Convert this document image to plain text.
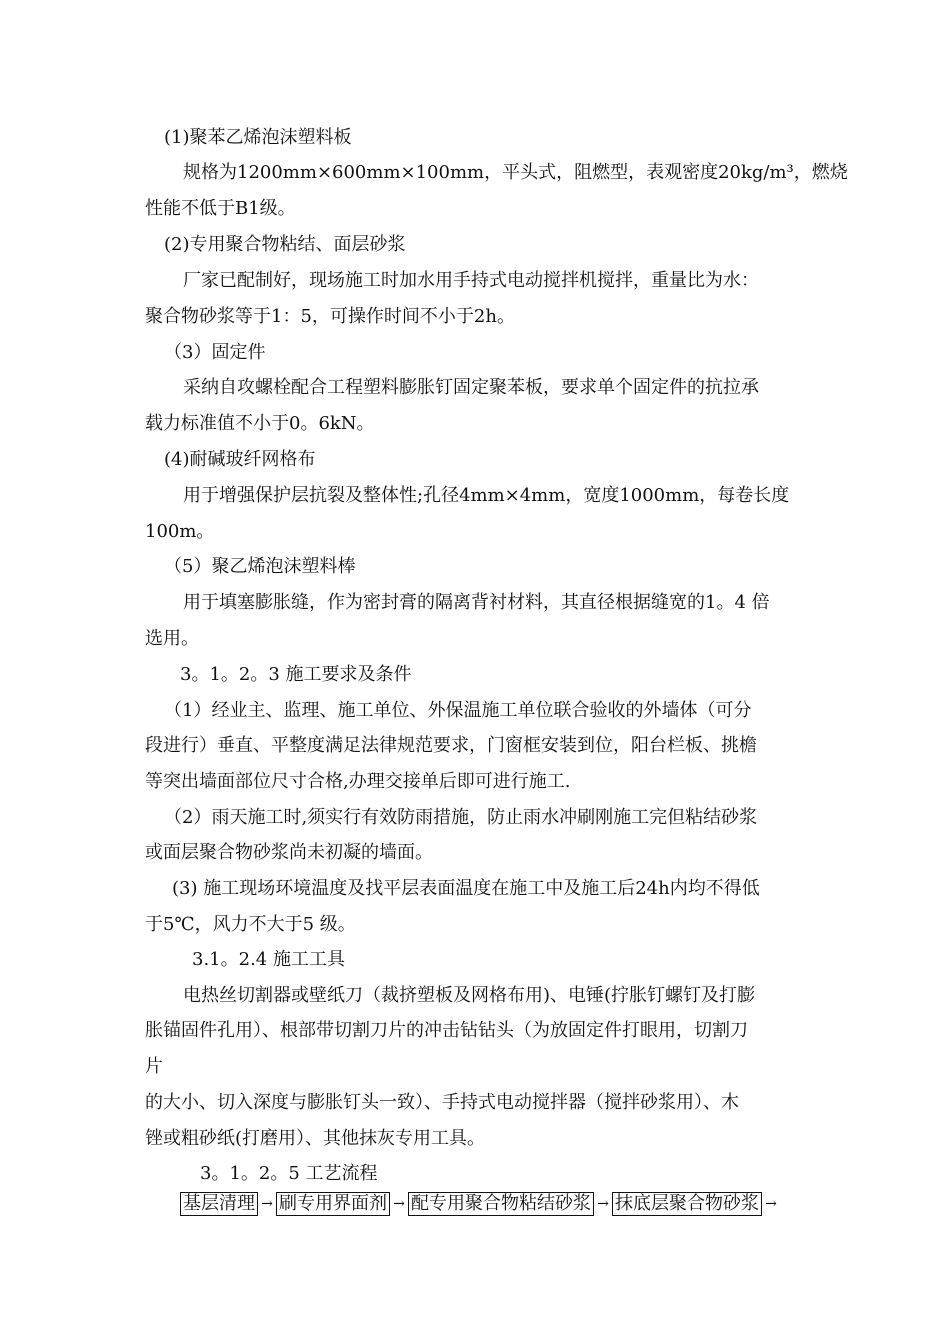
(1)聚苯乙烯泡沫塑料板
规格为1200mm×600mm×100mm，平头式，阻燃型，表观密度20kg/m³，燃烧
性能不低于B1级。
(2)专用聚合物粘结、面层砂浆
厂家已配制好，现场施工时加水用手持式电动搅拌机搅拌，重量比为水：
聚合物砂浆等于1：5，可操作时间不小于2h。
（3）固定件
采纳自攻螺栓配合工程塑料膨胀钉固定聚苯板，要求单个固定件的抗拉承
载力标准值不小于0。6kN。
(4)耐碱玻纤网格布
用于增强保护层抗裂及整体性;孔径4mm×4mm，宽度1000mm，每卷长度
100m。
（5）聚乙烯泡沫塑料棒
用于填塞膨胀缝，作为密封膏的隔离背衬材料，其直径根据缝宽的1。4 倍
选用。
3。1。2。3 施工要求及条件
（1）经业主、监理、施工单位、外保温施工单位联合验收的外墙体（可分
段进行）垂直、平整度满足法律规范要求，门窗框安装到位，阳台栏板、挑檐
等突出墙面部位尺寸合格,办理交接单后即可进行施工.
（2）雨天施工时,须实行有效防雨措施，防止雨水冲刷刚施工完但粘结砂浆
或面层聚合物砂浆尚未初凝的墙面。
(3) 施工现场环境温度及找平层表面温度在施工中及施工后24h内均不得低
于5℃，风力不大于5 级。
3.1。2.4 施工工具
电热丝切割器或壁纸刀（裁挤塑板及网格布用)、电锤(拧胀钉螺钉及打膨
胀锚固件孔用）、根部带切割刀片的冲击钻钻头（为放固定件打眼用，切割刀
片
的大小、切入深度与膨胀钉头一致）、手持式电动搅拌器（搅拌砂浆用）、木
锉或粗砂纸(打磨用）、其他抹灰专用工具。
3。1。2。5 工艺流程
基层清理 → 刷专用界面剂 → 配专用聚合物粘结砂浆 → 抹底层聚合物砂浆 →
